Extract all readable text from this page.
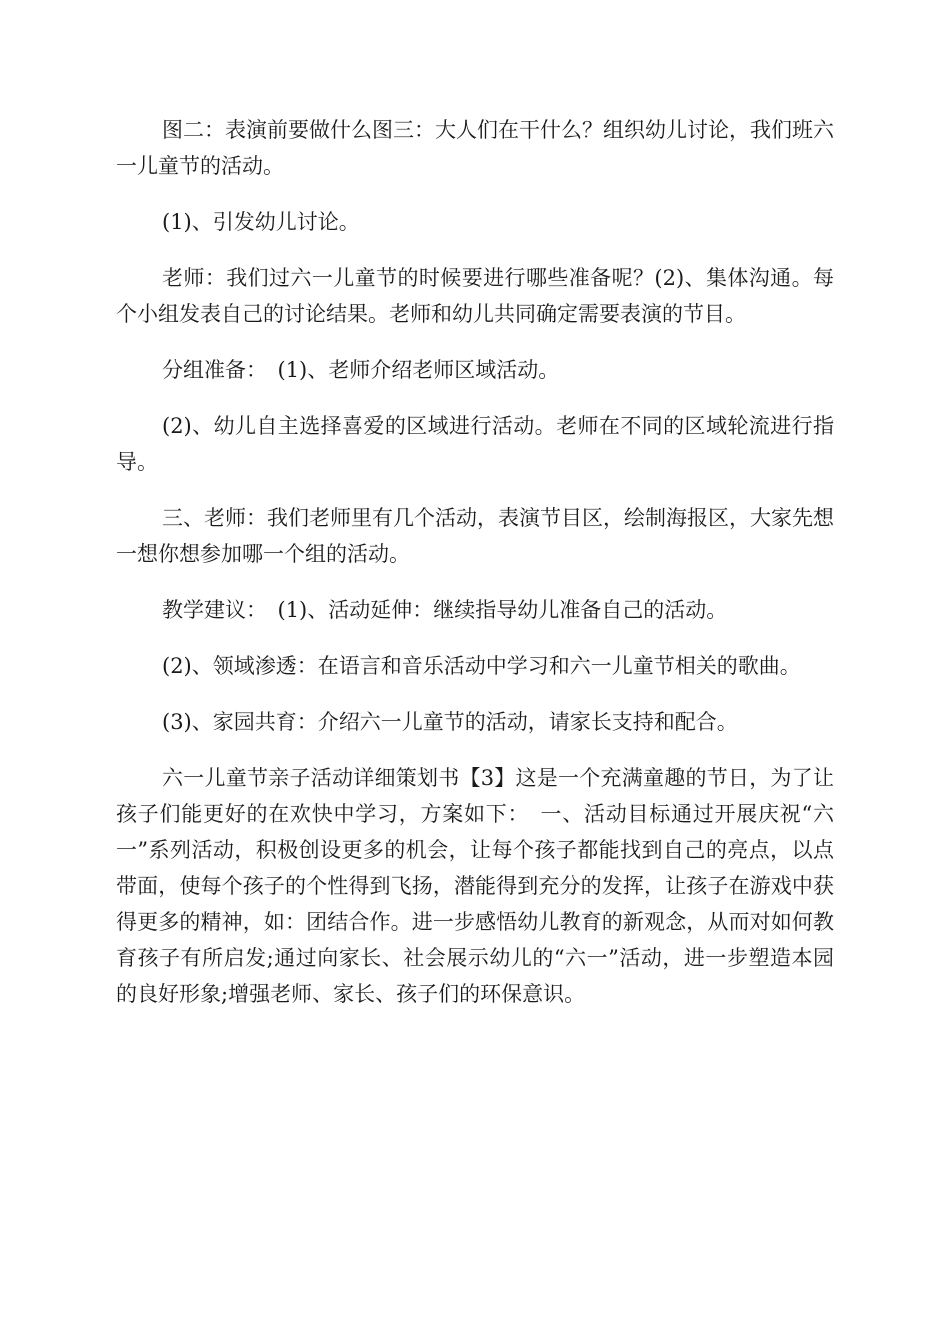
图二：表演前要做什么图三：大人们在干什么？组织幼儿讨论，我们班六一儿童节的活动。

(1)、引发幼儿讨论。

老师：我们过六一儿童节的时候要进行哪些准备呢？(2)、集体沟通。每个小组发表自己的讨论结果。老师和幼儿共同确定需要表演的节目。

分组准备：　(1)、老师介绍老师区域活动。

(2)、幼儿自主选择喜爱的区域进行活动。老师在不同的区域轮流进行指导。

三、老师：我们老师里有几个活动，表演节目区，绘制海报区，大家先想一想你想参加哪一个组的活动。

教学建议：　(1)、活动延伸：继续指导幼儿准备自己的活动。

(2)、领域渗透：在语言和音乐活动中学习和六一儿童节相关的歌曲。

(3)、家园共育：介绍六一儿童节的活动，请家长支持和配合。

六一儿童节亲子活动详细策划书【3】这是一个充满童趣的节日，为了让孩子们能更好的在欢快中学习，方案如下：　一、活动目标通过开展庆祝“六一”系列活动，积极创设更多的机会，让每个孩子都能找到自己的亮点，以点带面，使每个孩子的个性得到飞扬，潜能得到充分的发挥，让孩子在游戏中获得更多的精神，如：团结合作。进一步感悟幼儿教育的新观念，从而对如何教育孩子有所启发;通过向家长、社会展示幼儿的“六一”活动，进一步塑造本园的良好形象;增强老师、家长、孩子们的环保意识。
